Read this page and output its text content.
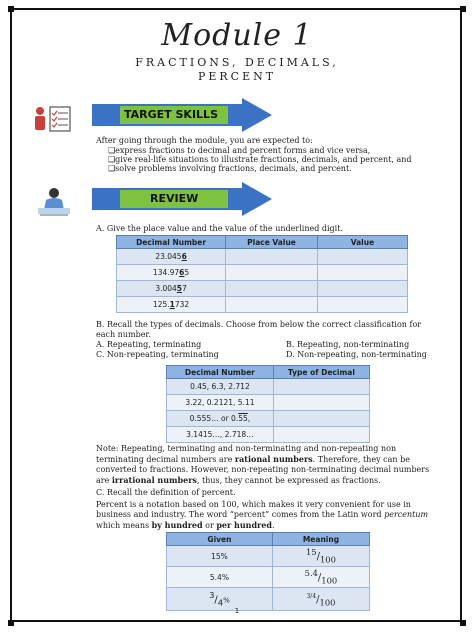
Module 1
FRACTIONS, DECIMALS,
PERCENT
TARGET SKILLS
After going through the module, you are expected to:
❑express fractions to decimal and percent forms and vice versa,
❑give real-life situations to illustrate fractions, decimals, and percent, and
❑solve problems involving fractions, decimals, and percent.
REVIEW
A. Give the place value and the value of the underlined digit.
Decimal Number	Place Value	Value
23.0456		
134.9765		
3.00457		
125.1732		
B. Recall the types of decimals. Choose from below the correct classification for
each number.
A. Repeating, terminating	B. Repeating, non-terminating
C. Non-repeating, terminating	D. Non-repeating, non-terminating
Decimal Number	Type of Decimal
0.45, 6.3, 2.712	
3.22, 0.2121, 5.11	
0.555… or 0.55,	
3.1415…, 2.718…	
Note: Repeating, terminating and non-terminating and non-repeating non
terminating decimal numbers are rational numbers. Therefore, they can be
converted to fractions. However, non-repeating non-terminating decimal numbers
are irrational numbers, thus, they cannot be expressed as fractions.
C. Recall the definition of percent.
Percent is a notation based on 100, which makes it very convenient for use in
business and industry. The word “percent” comes from the Latin word percentum
which means by hundred or per hundred.
Given	Meaning
15%	$^{15}/_{100}$
5.4%	$^{5.4}/_{100}$
$^3/_4\%$	$^{3/4}/_{100}$
1
